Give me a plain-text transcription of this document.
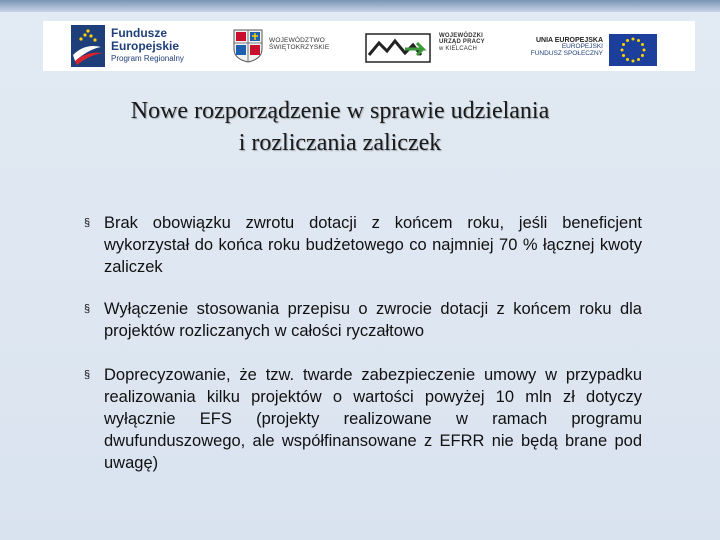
Fundusze
Europejskie
Program Regionalny
WOJEWÓDZTWO
ŚWIĘTOKRZYSKIE
WOJEWÓDZKI
URZĄD PRACY
w KIELCACH
UNIA EUROPEJSKA
EUROPEJSKI
FUNDUSZ SPOŁECZNY
Nowe rozporządzenie w sprawie udzielania
i rozliczania zaliczek
§ Brak obowiązku zwrotu dotacji z końcem roku, jeśli beneficjent wykorzystał do końca roku budżetowego co najmniej 70 % łącznej kwoty zaliczek
§ Wyłączenie stosowania przepisu o zwrocie dotacji z końcem roku dla projektów rozliczanych w całości ryczałtowo
§ Doprecyzowanie, że tzw. twarde zabezpieczenie umowy w przypadku realizowania kilku projektów o wartości powyżej 10 mln zł dotyczy wyłącznie EFS (projekty realizowane w ramach programu dwufunduszowego, ale współfinansowane z EFRR nie będą brane pod uwagę)
